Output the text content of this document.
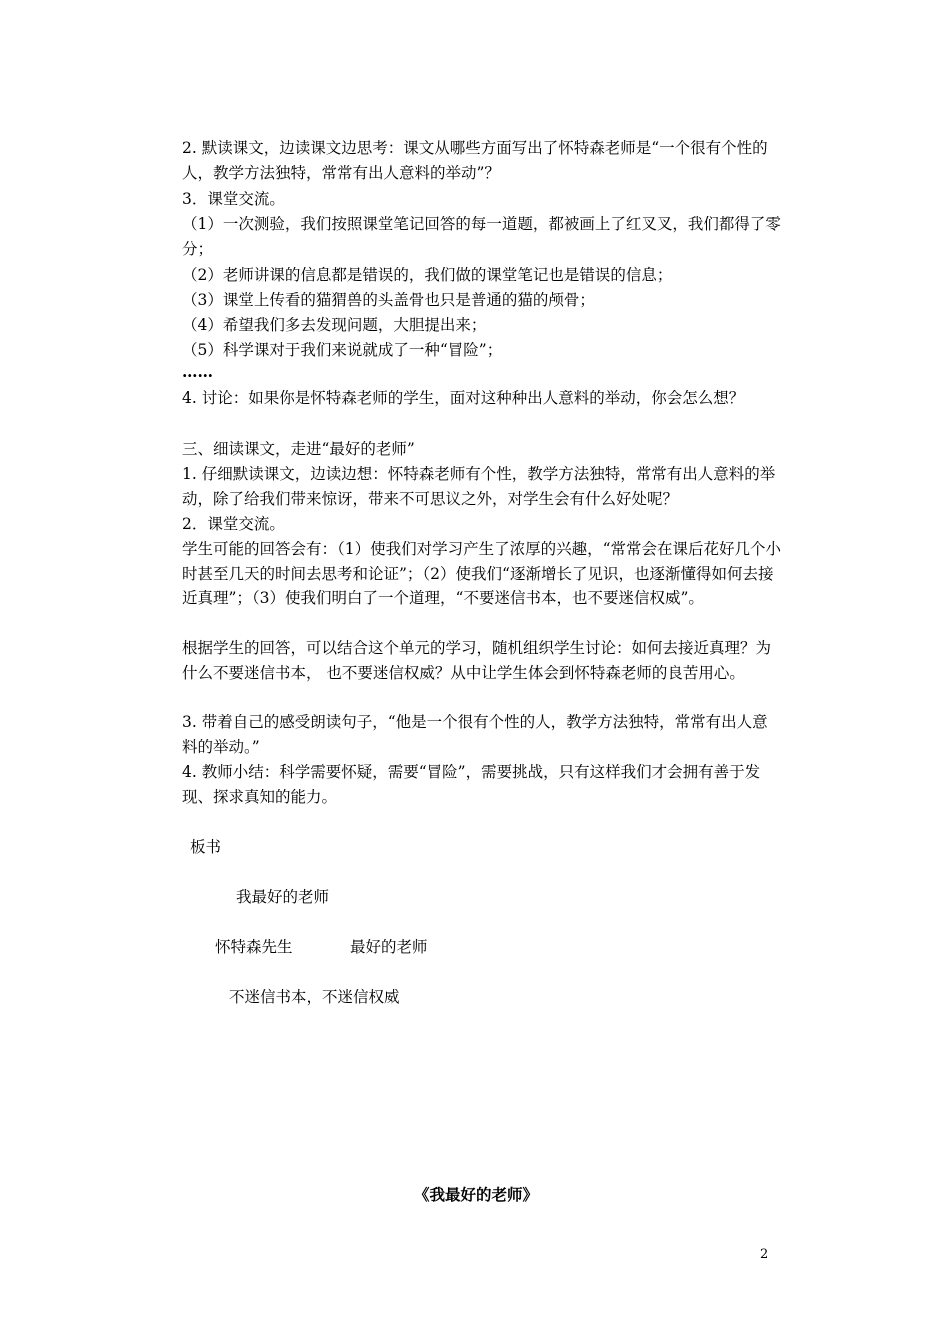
2. 默读课文，边读课文边思考：课文从哪些方面写出了怀特森老师是“一个很有个性的人，教学方法独特，常常有出人意料的举动”？

3．课堂交流。

（1）一次测验，我们按照课堂笔记回答的每一道题，都被画上了红叉叉，我们都得了零分；

（2）老师讲课的信息都是错误的，我们做的课堂笔记也是错误的信息；

（3）课堂上传看的猫猬兽的头盖骨也只是普通的猫的颅骨；

（4）希望我们多去发现问题，大胆提出来；

（5）科学课对于我们来说就成了一种“冒险”；

……

4. 讨论：如果你是怀特森老师的学生，面对这种种出人意料的举动，你会怎么想？

三、细读课文，走进“最好的老师”

1. 仔细默读课文，边读边想：怀特森老师有个性，教学方法独特，常常有出人意料的举动，除了给我们带来惊讶，带来不可思议之外，对学生会有什么好处呢？

2．课堂交流。

学生可能的回答会有：（1）使我们对学习产生了浓厚的兴趣，“常常会在课后花好几个小时甚至几天的时间去思考和论证”；（2）使我们“逐渐增长了见识，也逐渐懂得如何去接近真理”；（3）使我们明白了一个道理，“不要迷信书本，也不要迷信权威”。

根据学生的回答，可以结合这个单元的学习，随机组织学生讨论：如何去接近真理？为什么不要迷信书本， 也不要迷信权威？从中让学生体会到怀特森老师的良苦用心。

3. 带着自己的感受朗读句子，“他是一个很有个性的人，教学方法独特，常常有出人意料的举动。”

4. 教师小结：科学需要怀疑，需要“冒险”，需要挑战，只有这样我们才会拥有善于发现、探求真知的能力。

板书

我最好的老师

怀特森先生	最好的老师

不迷信书本，不迷信权威

《我最好的老师》

2
